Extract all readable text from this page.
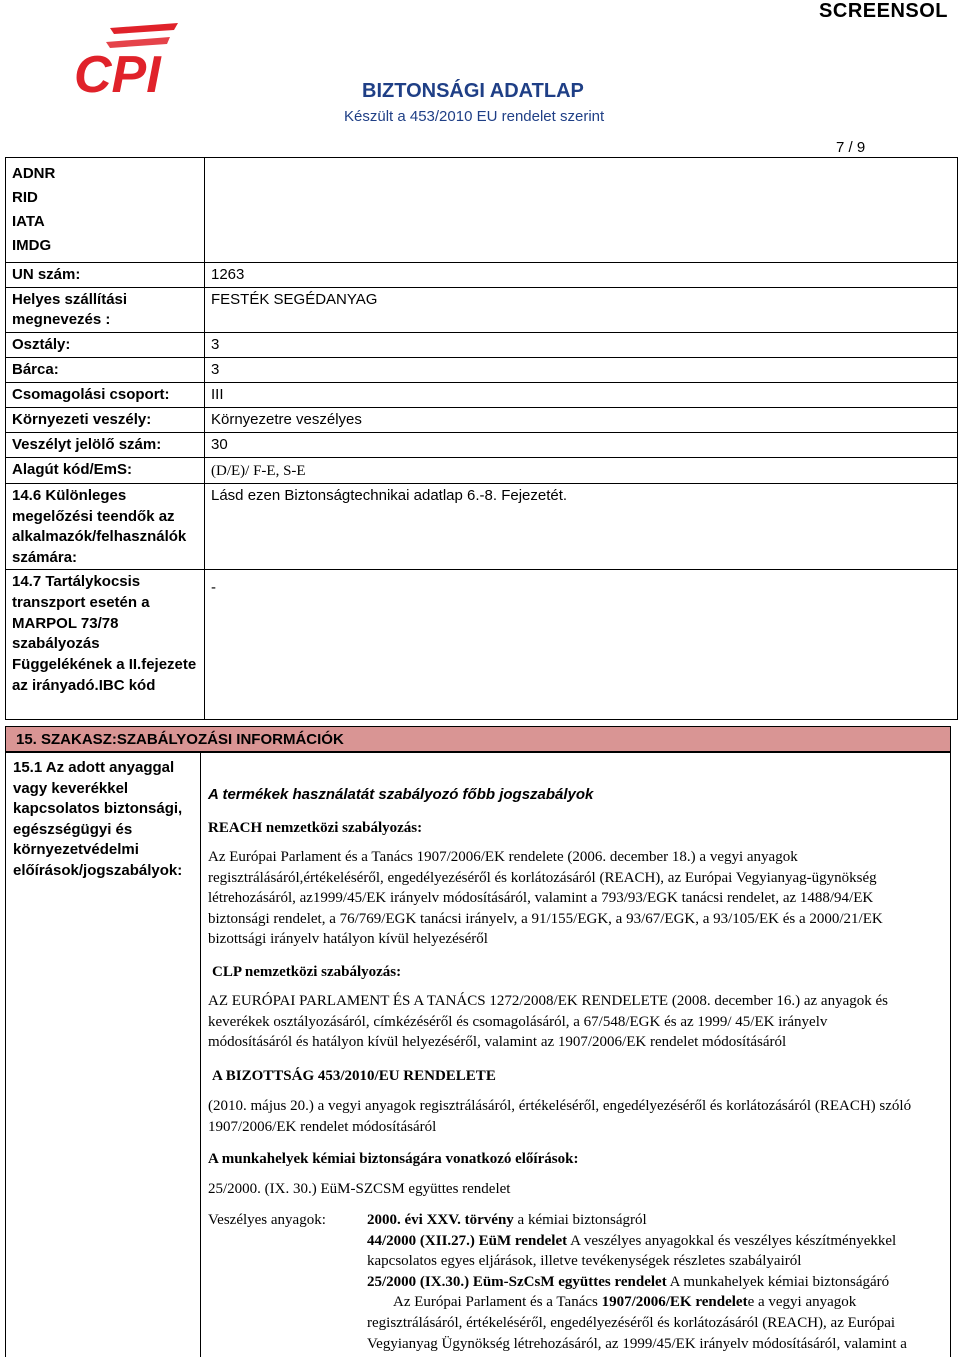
SCREENSOL
CPI	BIZTONSÁGI ADATLAP
Készült a 453/2010 EU rendelet szerint
7 / 9
ADNR
RID
IATA
IMDG	

UN szám:	1263
Helyes szállítási megnevezés :	FESTÉK SEGÉDANYAG
Osztály:	3
Bárca:	3
Csomagolási csoport:	III
Környezeti veszély:	Környezetre veszélyes
Veszélyt jelölő szám:	30
Alagút kód/EmS:	(D/E)/ F-E, S-E
14.6 Különleges megelőzési teendők az alkalmazók/felhasználók számára:	Lásd ezen Biztonságtechnikai adatlap 6.-8. Fejezetét.
14.7 Tartálykocsis transzport esetén a MARPOL 73/78 szabályozás Függelékének a II.fejezete az irányadó.IBC kód	-
15. SZAKASZ:SZABÁLYOZÁSI INFORMÁCIÓK
15.1 Az adott anyaggal vagy keverékkel kapcsolatos biztonsági, egészségügyi és környezetvédelmi előírások/jogszabályok:
A termékek használatát szabályozó főbb jogszabályok
REACH nemzetközi szabályozás:
Az Európai Parlament és a Tanács 1907/2006/EK rendelete (2006. december 18.) a vegyi anyagok
regisztrálásáról,értékeléséről, engedélyezéséről és korlátozásáról (REACH), az Európai Vegyianyag-ügynökség
létrehozásáról, az1999/45/EK irányelv módosításáról, valamint a 793/93/EGK tanácsi rendelet, az 1488/94/EK
biztonsági rendelet, a 76/769/EGK tanácsi irányelv, a 91/155/EGK, a 93/67/EGK, a 93/105/EK és a 2000/21/EK
bizottsági irányelv hatályon kívül helyezéséről
CLP nemzetközi szabályozás:
AZ EURÓPAI PARLAMENT ÉS A TANÁCS 1272/2008/EK RENDELETE (2008. december 16.) az anyagok és
keverékek osztályozásáról, címkézéséről és csomagolásáról, a 67/548/EGK és az 1999/ 45/EK irányelv
módosításáról és hatályon kívül helyezéséről, valamint az 1907/2006/EK rendelet módosításáról
A BIZOTTSÁG 453/2010/EU RENDELETE
(2010. május 20.) a vegyi anyagok regisztrálásáról, értékeléséről, engedélyezéséről és korlátozásáról (REACH) szóló
1907/2006/EK rendelet módosításáról
A munkahelyek kémiai biztonságára vonatkozó előírások:
25/2000. (IX. 30.) EüM-SZCSM együttes rendelet
Veszélyes anyagok:	2000. évi XXV. törvény a kémiai biztonságról
44/2000 (XII.27.) EüM rendelet A veszélyes anyagokkal és veszélyes készítményekkel
kapcsolatos egyes eljárások, illetve tevékenységek részletes szabályairól
25/2000 (IX.30.) Eüm-SzCsM együttes rendelet A munkahelyek kémiai biztonságáró
Az Európai Parlament és a Tanács 1907/2006/EK rendelete a vegyi anyagok
regisztrálásáról, értékeléséről, engedélyezéséről és korlátozásáról (REACH), az Európai
Vegyianyag Ügynökség létrehozásáról, az 1999/45/EK irányelv módosításáról, valamint a
